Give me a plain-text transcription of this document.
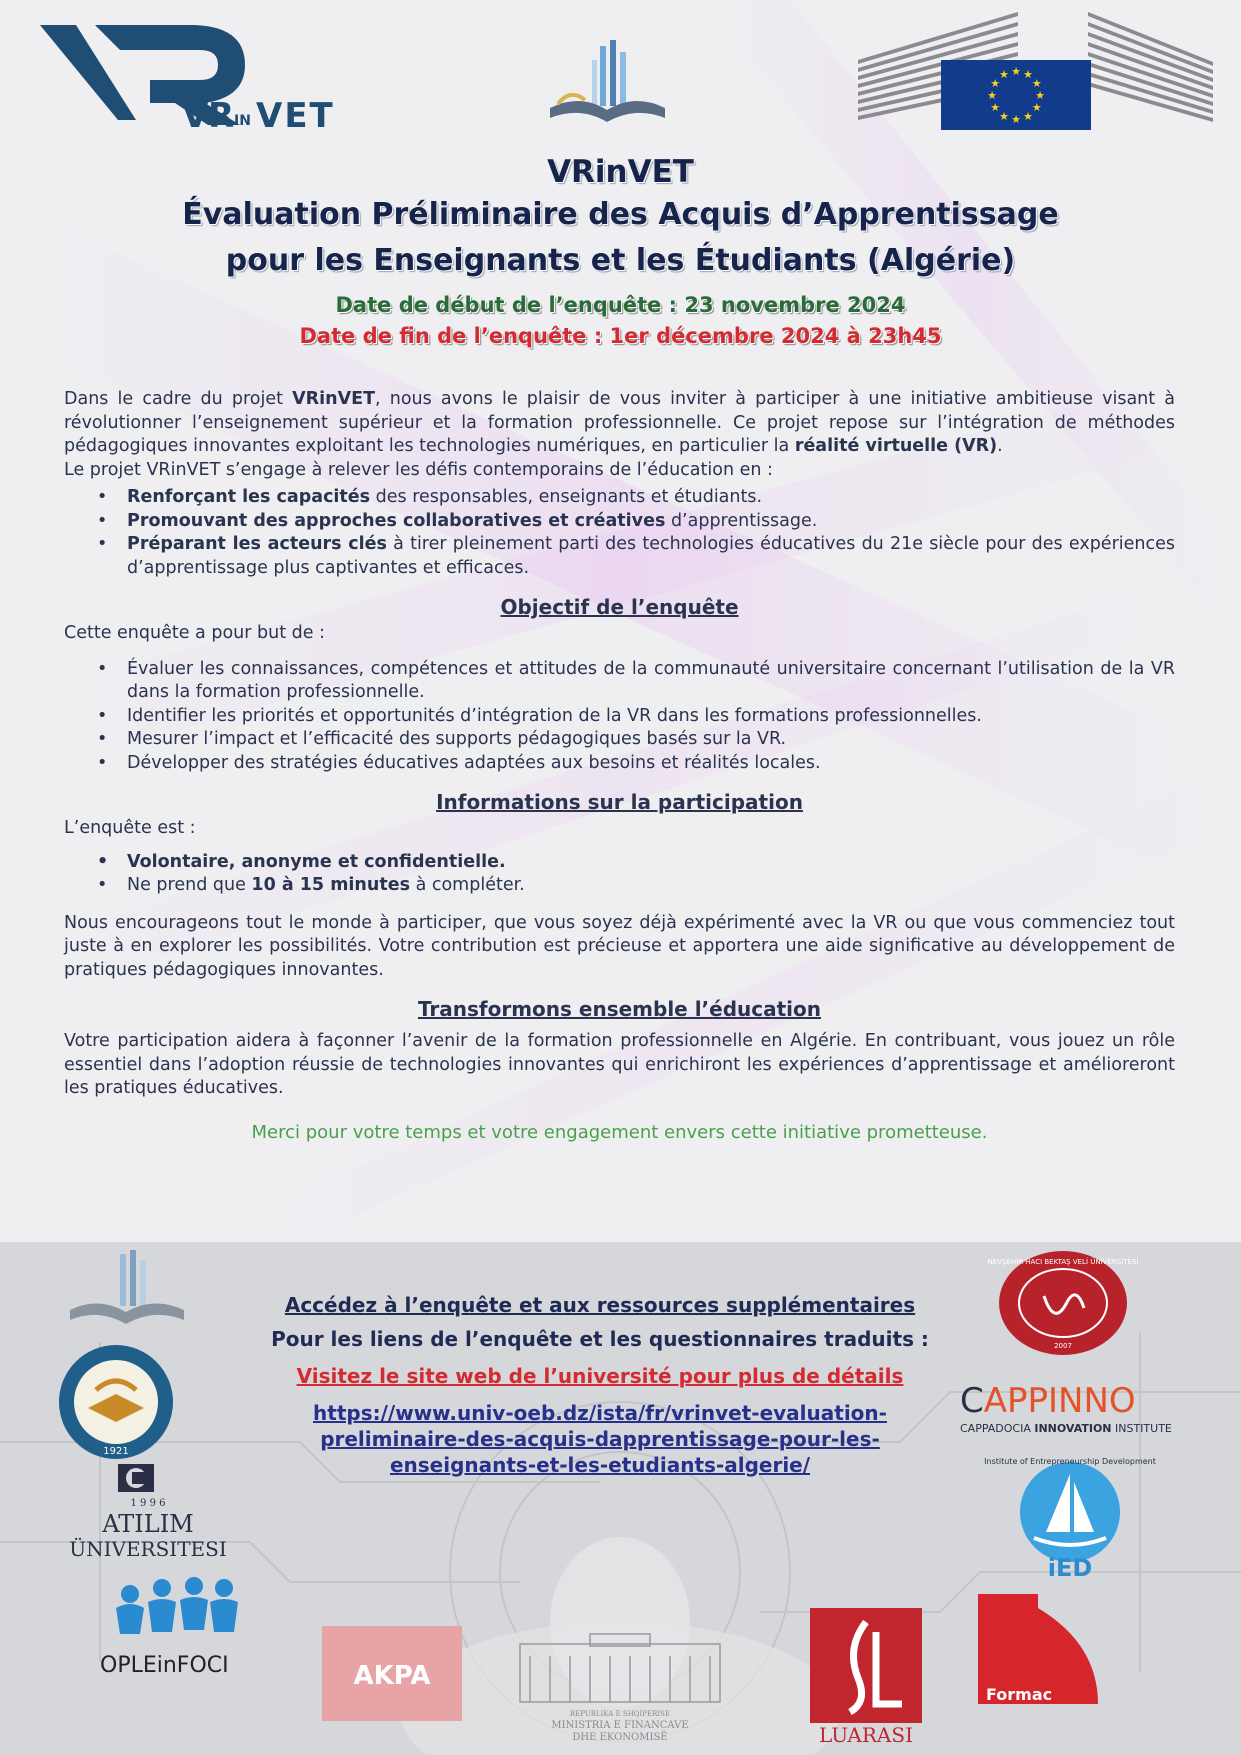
V
R IN VET
★ ★
★
★
★
★
★
★
★
★
★
★
VRinVET
Évaluation Préliminaire des Acquis d’Apprentissage
pour les Enseignants et les Étudiants (Algérie)
Date de début de l’enquête : 23 novembre 2024
Date de fin de l’enquête : 1er décembre 2024 à 23h45

Dans le cadre du projet VRinVET, nous avons le plaisir de vous inviter à participer à une initiative ambitieuse visant à révolutionner l’enseignement supérieur et la formation professionnelle. Ce projet repose sur l’intégration de méthodes pédagogiques innovantes exploitant les technologies numériques, en particulier la réalité virtuelle (VR).

Le projet VRinVET s’engage à relever les défis contemporains de l’éducation en :

• Renforçant les capacités des responsables, enseignants et étudiants.
• Promouvant des approches collaboratives et créatives d’apprentissage.
• Préparant les acteurs clés à tirer pleinement parti des technologies éducatives du 21e siècle pour des expériences d’apprentissage plus captivantes et efficaces.
Objectif de l’enquête

Cette enquête a pour but de :

• Évaluer les connaissances, compétences et attitudes de la communauté universitaire concernant l’utilisation de la VR dans la formation professionnelle.
• Identifier les priorités et opportunités d’intégration de la VR dans les formations professionnelles.
• Mesurer l’impact et l’efficacité des supports pédagogiques basés sur la VR.
• Développer des stratégies éducatives adaptées aux besoins et réalités locales.
Informations sur la participation

L’enquête est :

• Volontaire, anonyme et confidentielle.
• Ne prend que 10 à 15 minutes à compléter.

Nous encourageons tout le monde à participer, que vous soyez déjà expérimenté avec la VR ou que vous commenciez tout juste à en explorer les possibilités. Votre contribution est précieuse et apportera une aide significative au développement de pratiques pédagogiques innovantes.

Transformons ensemble l’éducation

Votre participation aidera à façonner l’avenir de la formation professionnelle en Algérie. En contribuant, vous jouez un rôle essentiel dans l’adoption réussie de technologies innovantes qui enrichiront les expériences d’apprentissage et amélioreront les pratiques éducatives.

Merci pour votre temps et votre engagement envers cette initiative prometteuse.
Accédez à l’enquête et aux ressources supplémentaires
Pour les liens de l’enquête et les questionnaires traduits :
Visitez le site web de l’université pour plus de détails
https://www.univ-oeb.dz/ista/fr/vrinvet-evaluation-preliminaire-des-acquis-dapprentissage-pour-les-enseignants-et-les-etudiants-algerie/
1921
1 9 9 6
ATILIM
ÜNIVERSITESI
OPLEinFOCI	AKPA
REPUBLIKA E SHQIPERISE
MINISTRIA E FINANCAVE
DHE EKONOMISË
NEVŞEHİR HACI BEKTAŞ VELİ ÜNİVERSİTESİ
2007
CAPPINNO
CAPPADOCIA INNOVATION INSTITUTE
Institute of Entrepreneurship Development
iED
LUARASI
Formac
